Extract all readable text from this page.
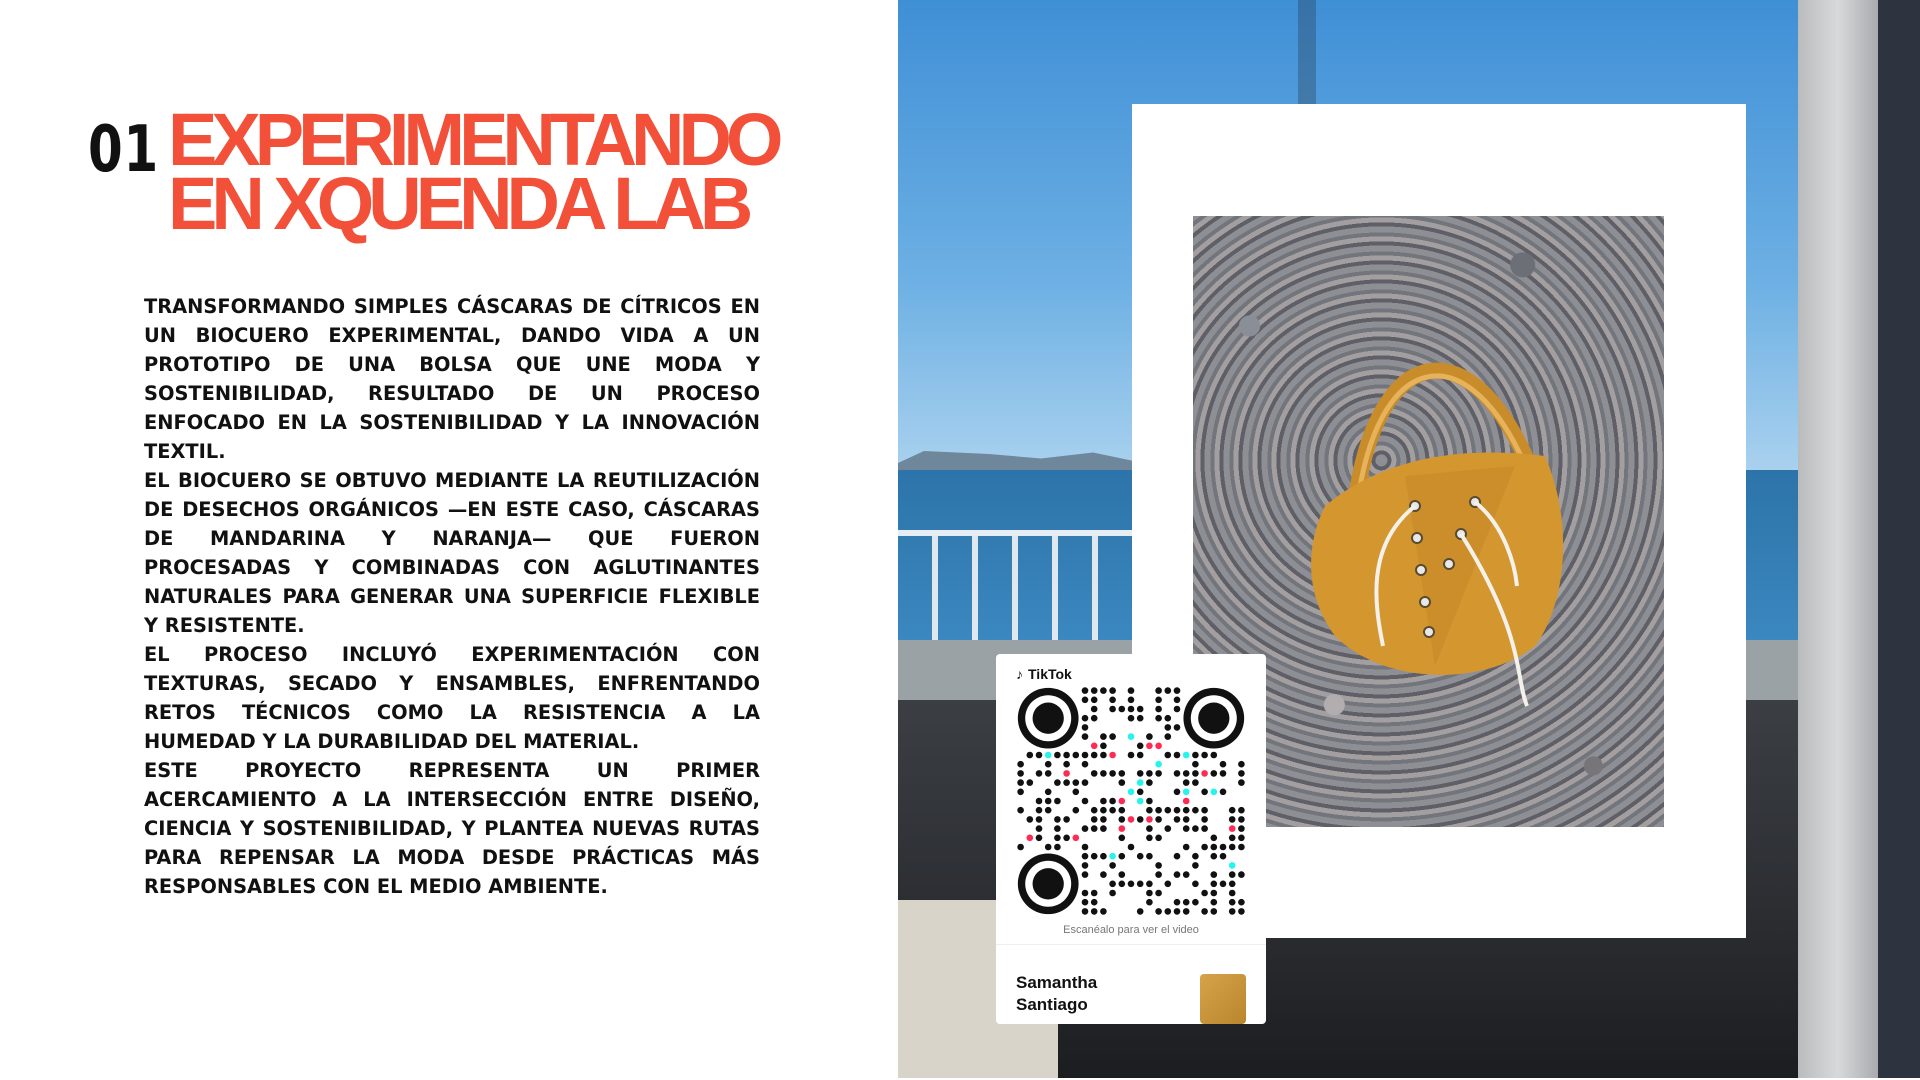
01 EXPERIMENTANDO
EN XQUENDA LAB

TRANSFORMANDO SIMPLES CÁSCARAS DE CÍTRICOS EN UN BIOCUERO EXPERIMENTAL, DANDO VIDA A UN PROTOTIPO DE UNA BOLSA QUE UNE MODA Y SOSTENIBILIDAD, RESULTADO DE UN PROCESO ENFOCADO EN LA SOSTENIBILIDAD Y LA INNOVACIÓN TEXTIL.

EL BIOCUERO SE OBTUVO MEDIANTE LA REUTILIZACIÓN DE DESECHOS ORGÁNICOS —EN ESTE CASO, CÁSCARAS DE MANDARINA Y NARANJA— QUE FUERON PROCESADAS Y COMBINADAS CON AGLUTINANTES NATURALES PARA GENERAR UNA SUPERFICIE FLEXIBLE Y RESISTENTE.

EL PROCESO INCLUYÓ EXPERIMENTACIÓN CON TEXTURAS, SECADO Y ENSAMBLES, ENFRENTANDO RETOS TÉCNICOS COMO LA RESISTENCIA A LA HUMEDAD Y LA DURABILIDAD DEL MATERIAL.

ESTE PROYECTO REPRESENTA UN PRIMER ACERCAMIENTO A LA INTERSECCIÓN ENTRE DISEÑO, CIENCIA Y SOSTENIBILIDAD, Y PLANTEA NUEVAS RUTAS PARA REPENSAR LA MODA DESDE PRÁCTICAS MÁS RESPONSABLES CON EL MEDIO AMBIENTE.

♪ TikTok
Escanéalo para ver el video
Samantha Santiago
